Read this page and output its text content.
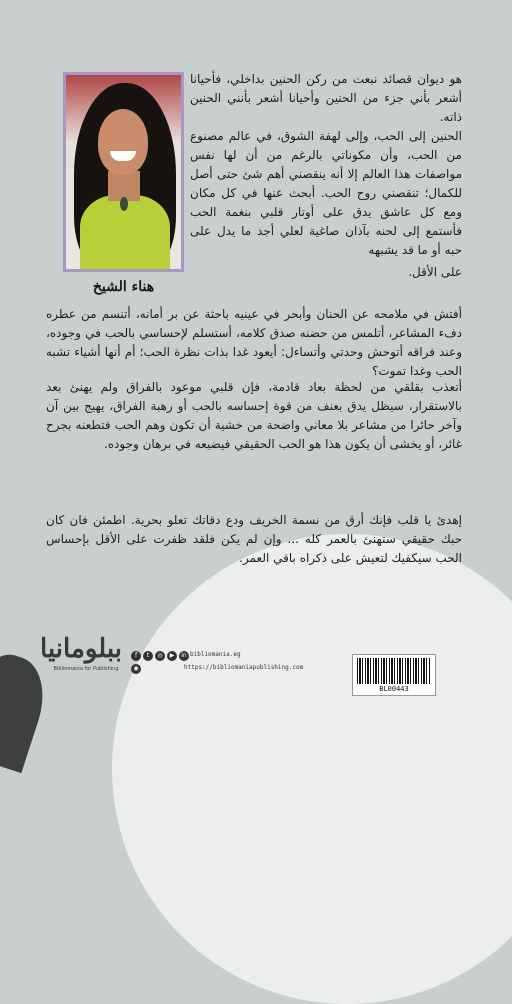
هناء الشيخ

هو ديوان قصائد نبعت من ركن الحنين بداخلي، فأحيانا أشعر بأني جزء من الحنين وأحيانا أشعر بأنني الحنين ذاته.

الحنين إلى الحب، وإلى لهفة الشوق، في عالم مصنوع من الحب، وأن مكوناتي بالرغم من أن لها نفس مواصفات هذا العالم إلا أنه ينقصني أهم شئ حتى أصل للكمال؛ تنقصني روح الحب. أبحث عنها في كل مكان ومع كل عاشق يدق على أوتار قلبي بنغمة الحب فأستمع إلى لحنه بآذان صاغية لعلي أجد ما يدل على حبه أو ما قد يشبهه

على الأقل.

أفتش في ملامحه عن الحنان وأبحر في عينيه باحثة عن بر أمانه، أتنسم من عطره دفء المشاعر، أتلمس من حضنه صدق كلامه، أستسلم لإحساسي بالحب في وجوده، وعند فراقه أتوحش وحدتي وأتساءل: أيعود غدا بذات نظرة الحب؛ أم أنها أشياء تشبه الحب وغدا تموت؟

أتعذب بقلقي من لحظة بعاد قادمة، فإن قلبي موعود بالفراق ولم يهنئ بعد بالاستقرار، سيظل يدق بعنف من قوة إحساسه بالحب أو رهبة الفراق، يهيج بين آن وآخر حائرا من مشاعر بلا معاني واضحة من خشية أن تكون وهم الحب فتطعنه بجرح غائر، أو يخشى أن يكون هذا هو الحب الحقيقي فيضيعه في برهان وجوده.

إهدئ يا قلب فإنك أرق من نسمة الخريف ودع دقاتك تعلو بحرية. اطمئن فان كان حبك حقيقي ستهنئ بالعمر كله ... وإن لم يكن فلقد ظفرت على الأقل بإحساس الحب سيكفيك لتعيش على ذكراه باقي العمر.

ببلومانيا
Bibliomania for Publishing
f	t	◎	▶	in bibliomania.eg
◉	https://bibliomaniapublishing.com
BL00443
